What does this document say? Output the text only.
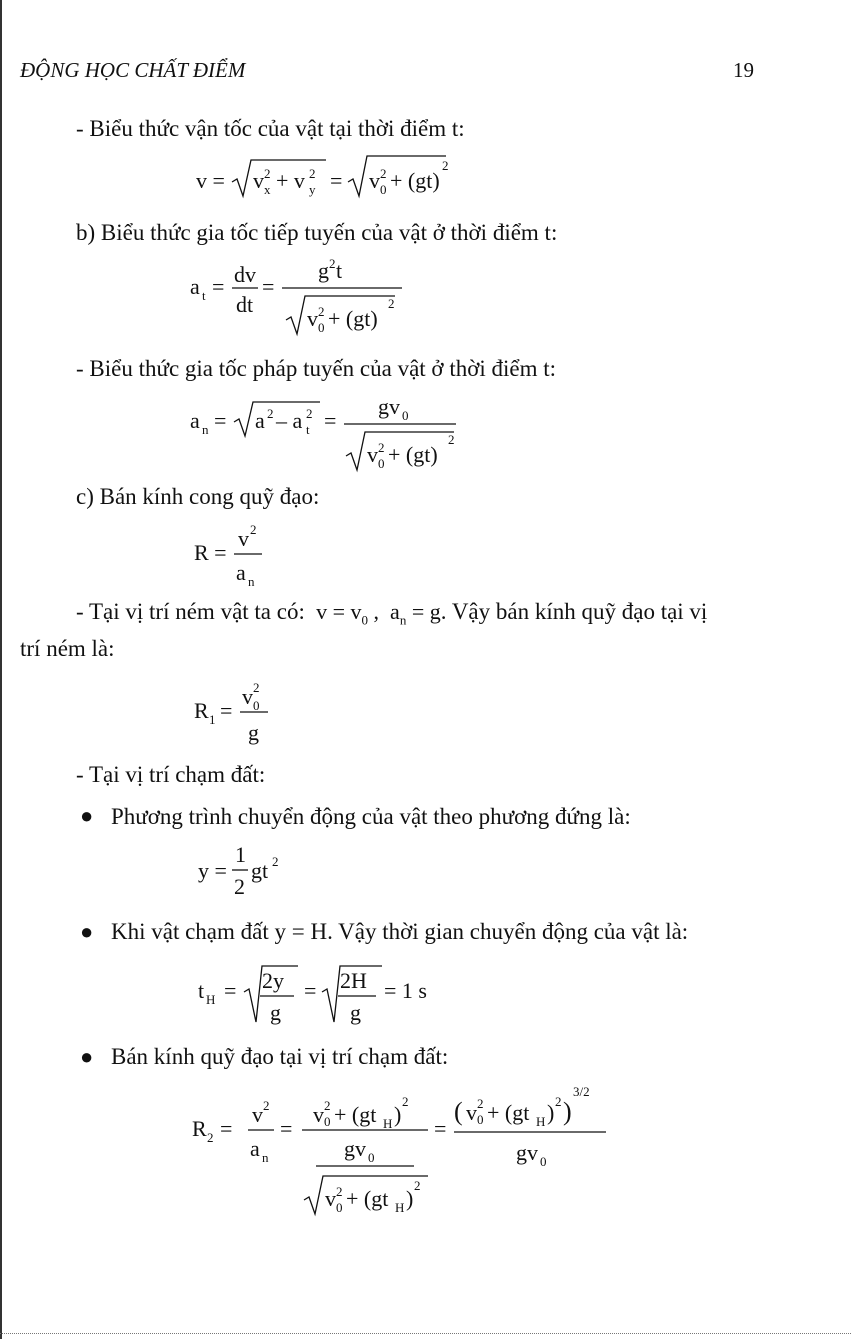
ĐỘNG HỌC CHẤT ĐIỂM	19
- Biểu thức vận tốc của vật tại thời điểm t:
v = v 2
x + v 2
y = v 2
0 + (gt)
2
b) Biểu thức gia tốc tiếp tuyến của vật ở thời điểm t:
a t = dv
dt
=
g 2 t
v 2
0 + (gt)
2
- Biểu thức gia tốc pháp tuyến của vật ở thời điểm t:
a n = a 2 – a 2
t =
gv 0
v 2
0 + (gt)
2
c) Bán kính cong quỹ đạo:
R =
v 2
a n
- Tại vị trí ném vật ta có:  $v = v_0$ ,  $a_n = g$. Vậy bán kính quỹ đạo tại vị
trí ném là:
R 1 =
v 2
0
g
- Tại vị trí chạm đất:
● Phương trình chuyển động của vật theo phương đứng là:
y =
1
2
gt 2
● Khi vật chạm đất y = H. Vậy thời gian chuyển động của vật là:
t H = 2y
g
= 2H
g
= 1 s
● Bán kính quỹ đạo tại vị trí chạm đất:
R 2 =
v 2
a n
=
v 2
0 + (gt H )
2
gv 0
v 2
0 + (gt H )
2
=
( v 2
0 + (gt H ) 2 )
3/2
gv 0
